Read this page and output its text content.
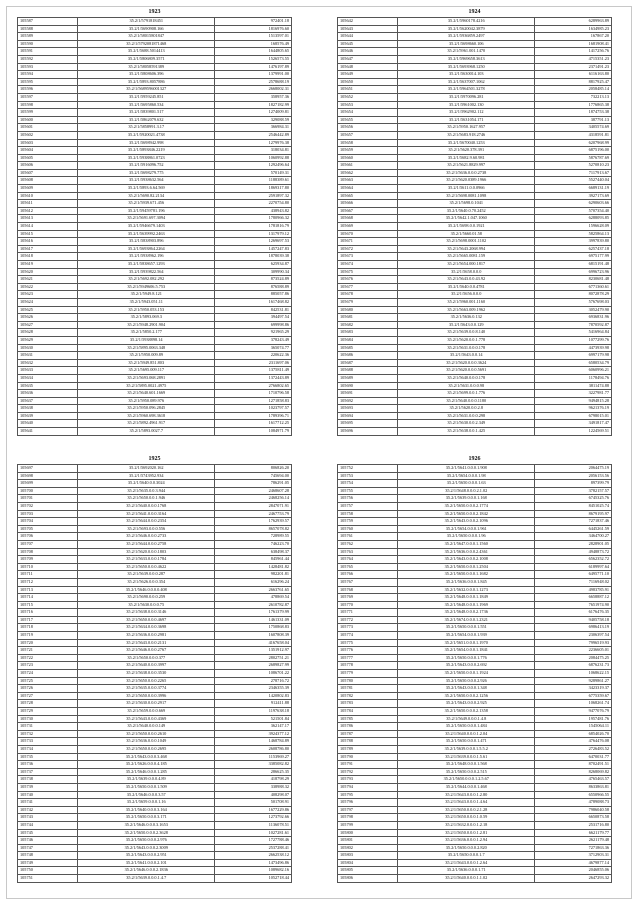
1923
105587	35.2/1/5791818451	972401.18
105588	35.2/1/5690908.166	1816976.60
105589	35.2/1/58015801847	1513597.01
105590	35.2/1/5792081871468	168576.49
105591	35.2/1/5688.5014413	1644805.65
105592	35.2/1/5806809.3571	1526573.55
105593	35.2/1/58058591389	1476197.89
105594	35.2/1/5808606.396	1379991.00
105595	35.2/1/5893.8057886	2578688.19
105596	35.2/1/5689596001327	2668002.31
105597	35.2/1/5959245.851	358957.36
105598	35.2/1/5695860.534	1827182.99
105599	35.2/1/5839801.517	1274009.81
105600	35.2/1/5862079.632	329088.59
105601	35.2/1/5858991.3.17	366984.31
105602	35.2/1/5920021.4738	2546442.89
105603	35.2/1/5698942.998	1279976.38
105604	35.2/1/5893846.2219	318034.81
105605	35.2/1/5938861.0723	1060992.88
105606	35.2/1/5916096.752	1292496.64
105607	35.2/1/5698279.775	570149.31
105608	35.2/1/5938632.564	1188389.61
105609	35.2/1/5893.6.64.569	1869317.80
105610	35.2/1/5690.82.2134	2591897.32
105611	35.2/1/5939.671.456	2270754.80
105612	35.2/1/59459781.196	438943.82
105613	35.2/1/5691.697.3094	1780966.32
105614	35.2/1/5946679.1403	1781816.79
105615	35.2/1/5639992.2463	1317979.12
105616	35.2/1/5838903.896	1269697.53
105617	35.2/1/5693864.2264	1457247.83
105618	35.2/1/5938962.196	1878039.38
105619	35.2/1/5838657.1293	625934.87
105620	35.2/1/5939822.564	309990.34
105621	35.2/1/5692.082.292	873524.89
105622	35.2/1/5949606.5.753	876588.89
105623	35.2/1/5949.8.121	885057.86
105624	35.2/1/5943.051.11	1617468.82
105625	35.2/1/5950.053.153	842531.81
105626	35.2/1/5893.069.3	394497.54
105627	35.2/1/5948.2901.904	699998.86
105628	35.2/1/5850.2.177	921965.29
105629	35.2/1/5938898.14	378243.49
105630	35.2/1/5895.0063.348	365074.77
105631	35.2/1/5950.009.89	220622.36
105632	35.2/1/5949.851.803	2311697.06
105633	35.2/1/5695.009.117	1375811.49
105634	35.2/1/5693.068.2891	1372443.89
105635	35.2/1/5895.0021.4975	2766802.65
105636	35.2/1/5640.601.1669	1710796.58
105637	35.2/1/5950.089.976	1271858.83
105638	35.2/1/5950.096.2845	1023797.57
105639	35.2/1/5960.698.3618	1789396.71
105640	35.2/1/5892.4961.917	1617712.25
105641	35.2/1/5893.0027.7	1084971.79
1924
105642	35.2/1/5960178.4216	6289963.89
105643	35.2/1/5620042.3879	1634985.23
105644	35.2/1/5936859.2497	167867.20
105645	35.2/1/5698660.106	1681908.41
105646	35.2/1/5961.001.1470	1417256.76
105647	35.2/1/5969658.3613	4715351.23
105648	35.2/1/5693968.1250	2371491.23
105649	35.2/1/5630014.103	6116163.80
105650	35.2/1/5637007.1062	8817925.47
105651	35.2/1/5964501.3278	2058485.14
105652	35.2/1/5970096.281	732213.13
105653	35.2/1/5961002.130	1776865.38
105654	35.2/1/5962902.112	1874753.38
105655	35.2/1/5631054.171	387791.13
105656	35.2/1/5950.1627.957	3405574.69
105657	35.2/1/5683.918.2746	4318591.81
105658	35.2/1/5670040.1253	6207968.99
105659	35.2/1/5620.378.391	6875196.00
105660	35.2/1/5682.9.60.981	5876787.69
105661	35.2/1/5621.8829.997	5270810.23
105662	35.2/1/5636.0.0.0.2738	7117913.67
105663	35.2/1/5620.0389.1966	5527440.04
105664	35.2/1/5611.0.0.0966	6689131.19
105665	35.2/1/5698.0081.1098	3927173.69
105666	35.2/1/5698.0.1041	6290603.66
105667	35.2/1/5640.0.70.2452	5707354.40
105668	35.2/1/5642.1.047.1060	6288093.85
105669	35.2/1/5698.0.0.1921	1596628.09
105670	35.2/1/5660.01.58	5825864.13
105671	35.2/1/5698.0001.1102	3997839.80
105672	35.2/1/5643.2068.994	6257437.18
105673	35.2/1/5665.0081.159	6975177.99
105674	35.2/1/5654.000.1817	6815191.48
105675	35.2/1/5658.0.0.0	6996723.96
105676	35.2/1/5643.0.0.43.92	8230681.48
105677	35.2/1/5640.0.0.4781	6771360.61
105678	35.2/1/5656.0.0.0	8072878.29
105679	35.2/1/5960.001.1160	5767698.03
105680	35.2/1/5663.009.1962	3052479.90
105681	35.2/1/5636.0.132	6936831.96
105682	35.2/1/5643.0.0.129	7870592.87
105683	35.2/1/5639.0.0.8.140	5416964.84
105684	35.2/1/5620.0.0.1.778	1077299.76
105685	35.2/1/5631.0.0.0.178	4473939.98
105686	35.2/1/5643.0.0.14	6997179.98
105687	35.2/1/5620.0.0.0.3624	6580534.79
105688	35.2/1/5620.0.0.0.5691	6060996.21
105689	35.2/1/5640.0.0.0.178	1178494.76
105690	35.2/1/5631.0.0.0.98	3811474.88
105691	35.2/1/5699.0.0.1.776	3227981.77
105692	35.2/1/5640.0.0.0.1180	9494815.28
105693	35.2/1/5620.0.0.2.8	9621376.19
105694	35.2/1/5631.0.0.0.298	6798015.01
105695	35.2/1/5630.0.0.2.349	3491817.47
105696	35.2/1/5638.0.0.1.425	1224569.51
1925
105697	35.2/1/5692020.162	806826.20
105698	35.2/1/5743952.934	745694.00
105699	35.2/1/5640.0.0.3024	786291.05
105700	35.2/1/5635.0.0.3.944	2468607.28
105701	35.2/1/5650.0.0.1.946	2468256.14
105702	35.2/1/5640.0.0.0.1768	2847071.91
105703	35.2/1/5641.0.0.0.3164	2467753.79
105704	35.2/1/5644.0.0.0.2354	1762939.57
105705	35.2/1/5693.0.0.0.556	8657078.82
105706	35.2/1/5646.0.0.0.2733	728989.55
105707	35.2/1/5644.0.0.0.2758	746223.70
105708	35.2/1/5620.0.0.0.1803	638498.37
105709	35.2/1/5633.0.0.0.1784	845961.44
105710	35.2/1/5650.0.0.0.4622	1428481.82
105711	35.2/1/5639.0.0.0.287	982201.81
105712	35.2/1/5626.0.0.0.354	616296.24
105713	35.2/1/5646.0.0.0.0.408	2663761.65
105714	35.2/1/5690.0.0.0.259	478869.54
105715	35.2/1/5630.0.0.0.75	2610782.87
105716	35.2/1/5638.0.0.0.3146	1761379.99
105717	35.2/1/5650.0.0.0.4697	1461331.09
105718	35.2/1/5634.0.0.0.3698	1750868.83
105719	35.2/1/5636.0.0.0.2981	1607808.39
105720	35.2/1/5643.0.0.0.2131	4167658.04
105721	35.2/1/5646.0.0.0.2767	1351912.97
105722	35.2/1/5650.0.0.0.377	2802751.21
105723	35.2/1/5640.0.0.0.3997	2689827.99
105724	35.2/1/5638.0.0.0.3530	1086701.22
105725	35.2/1/5650.0.0.0.2265	278716.72
105726	35.2/1/5635.0.0.0.3774	2346355.39
105727	35.2/1/5650.0.0.0.3996	1420802.83
105728	35.2/1/5630.0.0.0.2917	912411.88
105729	35.2/1/5659.0.0.0.669	1197638.18
105730	35.2/1/5643.0.0.0.4369	521501.84
105731	35.2/1/5640.0.0.0.149	362147.17
105732	35.2/1/5650.0.0.0.2610	3924377.12
105733	35.2/1/5636.0.0.0.1049	1468784.89
105734	35.2/1/5650.0.0.0.2695	2608786.80
105735	35.2/1/5643.0.0.0.3.468	1153969.27
105736	35.2/1/5626.0.0.0.4.185	3385082.82
105737	35.2/1/5646.0.0.0.1.285	286625.35
105738	35.2/1/5639.0.0.0.4.89	418798.29
105739	35.2/1/5650.0.0.0.1.509	338988.32
105740	35.2/1/5646.0.0.0.3.57	408298.07
105741	35.2/1/5659.0.0.0.1.16	501708.91
105742	35.2/1/5640.0.0.0.3.164	1677229.86
105743	35.2/1/5650.0.0.0.3.171	1273792.66
105744	35.2/1/5646.0.0.0.3.1653	1136078.51
105745	35.2/1/5650.0.0.0.2.3628	1027281.61
105746	35.2/1/5650.0.0.0.2.976	1727788.46
105747	35.2/1/5643.0.0.0.2.3009	2537288.41
105748	35.2/1/5643.0.0.0.2.951	2662538.12
105749	35.2/1/5641.0.0.0.2.101	1473496.86
105750	35.2/1/5646.0.0.0.2.1836	1089682.16
105751	35.2/1/5639.0.0.0.1.4.7	1052718.44
1926
105752	35.2/1/5641.0.0.0.1.908	2064475.19
105753	35.2/1/5654.0.0.0.1.98	2056153.56
105754	35.2/1/5650.0.0.0.1.63	897399.79
105755	35.2/1/5648.0.0.0.2.1.02	3782157.57
105756	35.2/1/5639.0.0.0.1.168	6745325.76
105757	35.2/1/5650.0.0.0.2.1774	8451025.74
105758	35.2/1/5650.0.0.0.2.1842	8679195.97
105759	35.2/1/5643.0.0.0.2.1096	7271837.46
105760	35.2/1/5654.0.0.0.1.961	6445261.59
105761	35.2/1/5650.0.0.0.1.96	3464700.27
105762	35.2/1/5647.0.0.0.1.1560	2828901.05
105763	35.2/1/5636.0.0.0.2.4361	4948873.72
105764	35.2/1/5643.0.0.0.2.1008	6562352.72
105765	35.2/1/5650.0.0.0.1.2504	6189997.64
105766	35.2/1/5650.0.0.0.1.1682	6495771.10
105767	35.2/1/5636.0.0.0.1.845	7116948.02
105768	35.2/1/5632.0.0.0.1.1273	4983785.91
105769	35.2/1/5648.0.0.0.1.1849	6658887.12
105770	35.2/1/5648.0.0.0.1.1969	7651974.90
105771	35.2/1/5648.0.0.0.2.1736	6176476.35
105772	35.2/1/5674.0.0.0.1.2321	9405758.18
105773	35.2/1/5650.0.0.0.1.551	6986413.19
105774	35.2/1/5654.0.0.0.1.939	2306397.54
105775	35.2/1/5651.0.0.0.1.1970	7996519.93
105776	35.2/1/5654.0.0.0.1.1841	2236605.01
105777	35.2/1/5650.0.0.0.1.776	2084475.25
105778	35.2/1/5643.0.0.0.2.692	6876231.73
105779	35.2/1/5650.0.0.0.1.1924	1068622.15
105780	35.2/1/5650.0.0.0.2.926	9289861.27
105781	35.2/1/5643.0.0.0.1.348	3423319.37
105782	35.2/1/5650.0.0.0.2.1256	6775359.67
105783	35.2/1/5643.0.0.0.2.925	1068261.74
105784	35.2/1/5650.0.0.0.2.1358	9477076.79
105785	35.2/1/5649.0.0.0.1.4.8	1957481.76
105786	35.2/1/5650.0.0.0.1.484	1545064.11
105787	35.2/1/5640.0.0.0.1.2.04	6854026.70
105788	35.2/1/5650.0.0.0.1.471	4764476.08
105789	35.2/1/5639.0.0.0.1.5.5.2	2726483.52
105790	35.2/1/5639.0.0.0.1.5.61	6470031.77
105791	35.2/1/5648.0.0.0.1.568	8702491.51
105792	35.2/1/5650.0.0.0.2.515	8268069.82
105793	35.2/1/5650.0.0.0.1.2.5.67	4765463.57
105794	35.2/1/5644.0.0.0.1.468	8633863.81
105795	35.2/1/5643.0.0.0.1.2.80	6550966.55
105796	35.2/1/5643.0.0.0.1.4.64	4789088.73
105797	35.2/1/5650.0.0.0.2.1.28	7986040.58
105798	35.2/1/5650.0.0.0.1.0.59	6650873.58
105799	35.2/1/5632.0.0.0.1.2.18	2531716.80
105800	35.2/1/5650.0.0.0.1.2.81	6621179.77
105801	35.2/1/5636.0.0.0.1.2.94	2621179.48
105802	35.2/1/5650.0.0.0.2.820	7271863.36
105803	35.2/1/5650.0.0.0.1.7	3712903.31
105804	35.2/1/5643.0.0.0.1.2.64	4679877.14
105805	35.2/1/5636.0.0.0.1.71	2046855.06
105806	35.2/1/5640.0.0.0.1.1.02	2647293.32
